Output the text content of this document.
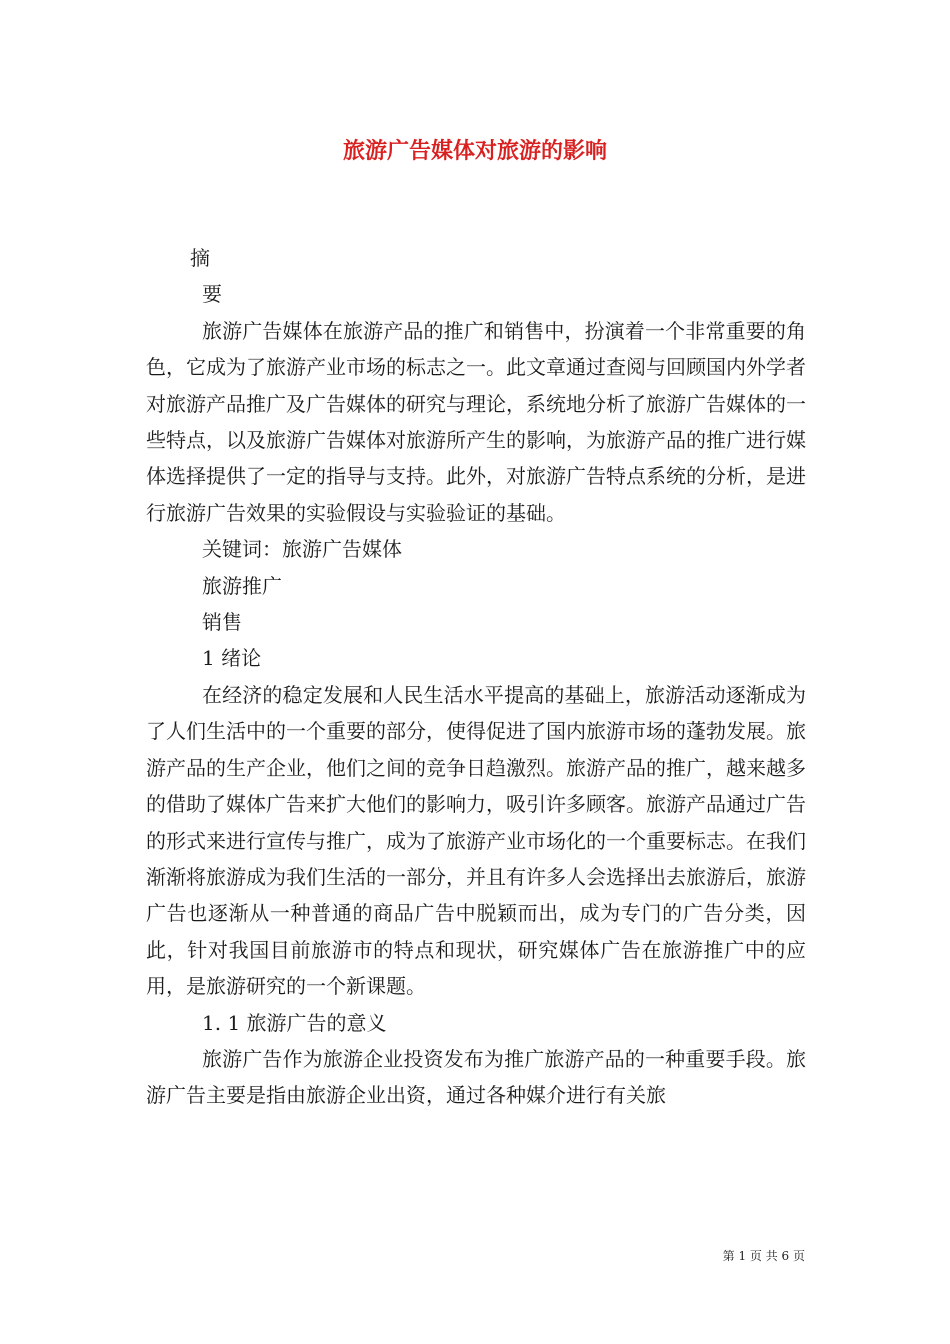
旅游广告媒体对旅游的影响

摘

要

旅游广告媒体在旅游产品的推广和销售中，扮演着一个非常重要的角色，它成为了旅游产业市场的标志之一。此文章通过查阅与回顾国内外学者对旅游产品推广及广告媒体的研究与理论，系统地分析了旅游广告媒体的一些特点，以及旅游广告媒体对旅游所产生的影响，为旅游产品的推广进行媒体选择提供了一定的指导与支持。此外，对旅游广告特点系统的分析，是进行旅游广告效果的实验假设与实验验证的基础。

关键词：旅游广告媒体

旅游推广

销售

1 绪论

在经济的稳定发展和人民生活水平提高的基础上，旅游活动逐渐成为了人们生活中的一个重要的部分，使得促进了国内旅游市场的蓬勃发展。旅游产品的生产企业，他们之间的竞争日趋激烈。旅游产品的推广，越来越多的借助了媒体广告来扩大他们的影响力，吸引许多顾客。旅游产品通过广告的形式来进行宣传与推广，成为了旅游产业市场化的一个重要标志。在我们渐渐将旅游成为我们生活的一部分，并且有许多人会选择出去旅游后，旅游广告也逐渐从一种普通的商品广告中脱颖而出，成为专门的广告分类，因此，针对我国目前旅游市的特点和现状，研究媒体广告在旅游推广中的应用，是旅游研究的一个新课题。

1. 1 旅游广告的意义

旅游广告作为旅游企业投资发布为推广旅游产品的一种重要手段。旅游广告主要是指由旅游企业出资，通过各种媒介进行有关旅

第 1 页 共 6 页
